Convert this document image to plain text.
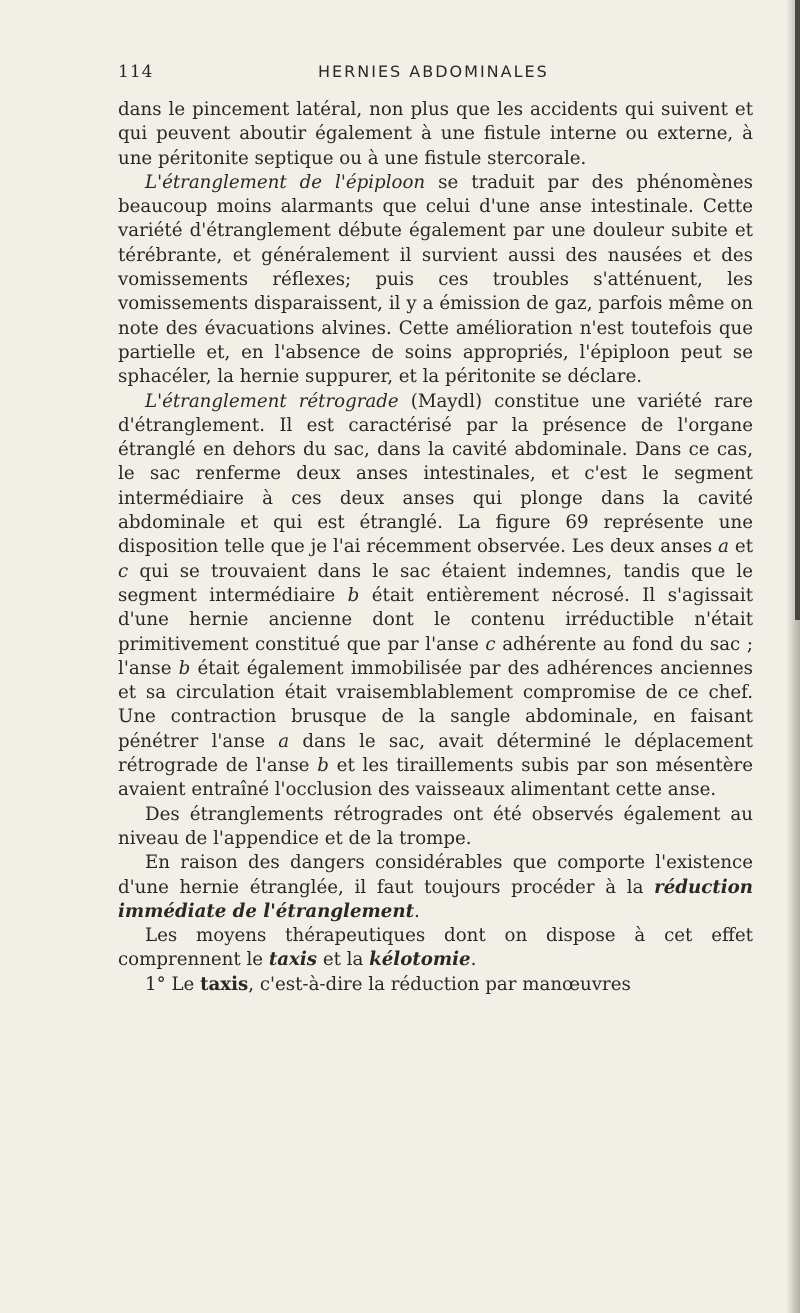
114	HERNIES ABDOMINALES

dans le pincement latéral, non plus que les accidents qui suivent et qui peuvent aboutir également à une fistule interne ou externe, à une péritonite septique ou à une fistule stercorale.

L'étranglement de l'épiploon se traduit par des phénomènes beaucoup moins alarmants que celui d'une anse intestinale. Cette variété d'étranglement débute également par une douleur subite et térébrante, et généralement il survient aussi des nausées et des vomissements réflexes; puis ces troubles s'atténuent, les vomissements disparaissent, il y a émission de gaz, parfois même on note des évacuations alvines. Cette amélioration n'est toutefois que partielle et, en l'absence de soins appropriés, l'épiploon peut se sphacéler, la hernie suppurer, et la péritonite se déclare.

L'étranglement rétrograde (Maydl) constitue une variété rare d'étranglement. Il est caractérisé par la présence de l'organe étranglé en dehors du sac, dans la cavité abdominale. Dans ce cas, le sac renferme deux anses intestinales, et c'est le segment intermédiaire à ces deux anses qui plonge dans la cavité abdominale et qui est étranglé. La figure 69 représente une disposition telle que je l'ai récemment observée. Les deux anses a et c qui se trouvaient dans le sac étaient indemnes, tandis que le segment intermédiaire b était entièrement nécrosé. Il s'agissait d'une hernie ancienne dont le contenu irréductible n'était primitivement constitué que par l'anse c adhérente au fond du sac ; l'anse b était également immobilisée par des adhérences anciennes et sa circulation était vraisemblablement compromise de ce chef. Une contraction brusque de la sangle abdominale, en faisant pénétrer l'anse a dans le sac, avait déterminé le déplacement rétrograde de l'anse b et les tiraillements subis par son mésentère avaient entraîné l'occlusion des vaisseaux alimentant cette anse.

Des étranglements rétrogrades ont été observés également au niveau de l'appendice et de la trompe.

En raison des dangers considérables que comporte l'existence d'une hernie étranglée, il faut toujours procéder à la réduction immédiate de l'étranglement.

Les moyens thérapeutiques dont on dispose à cet effet comprennent le taxis et la kélotomie.

1° Le taxis, c'est-à-dire la réduction par manœuvres
